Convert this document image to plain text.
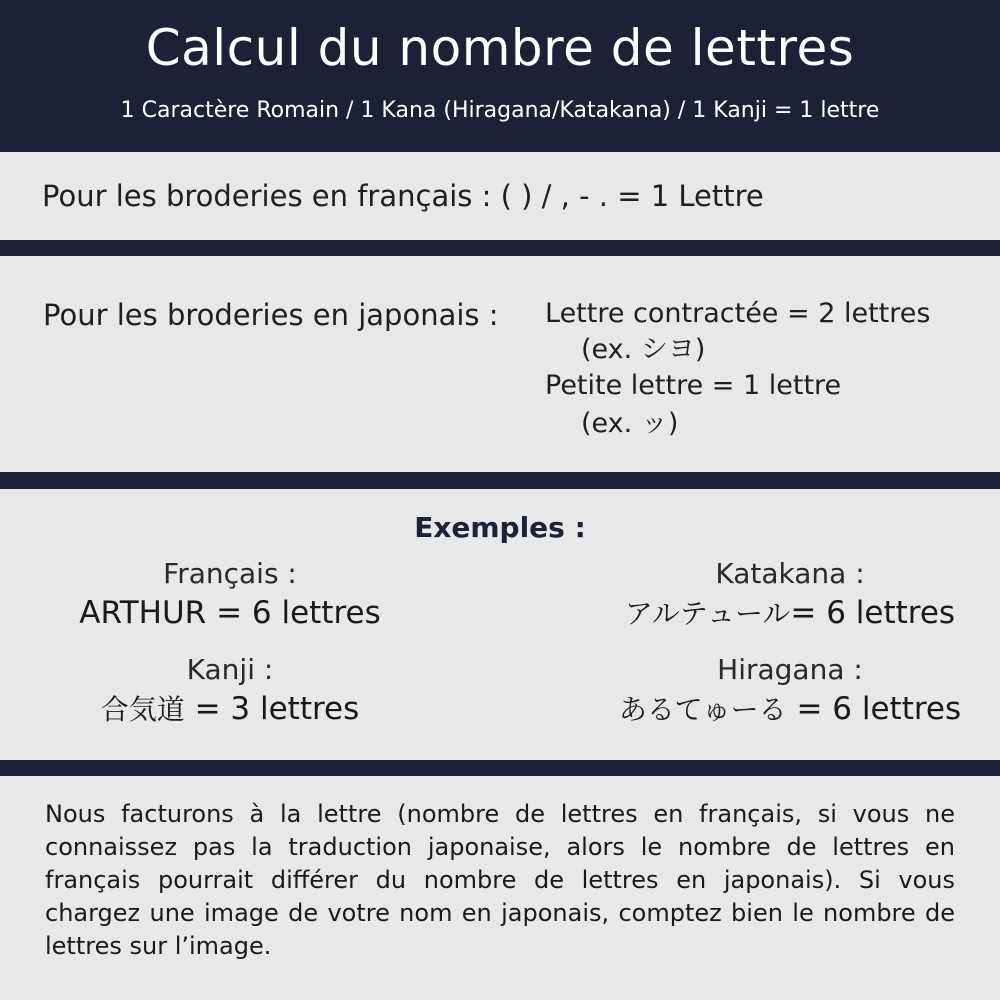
Calcul du nombre de lettres
1 Caractère Romain / 1 Kana (Hiragana/Katakana) / 1 Kanji = 1 lettre
Pour les broderies en français : ( ) / , - . = 1 Lettre
Pour les broderies en japonais : Lettre contractée = 2 lettres
(ex. シヨ)
Petite lettre = 1 lettre
(ex. ッ)
Exemples :
Français :
ARTHUR = 6 lettres
Katakana :
アルテュール= 6 lettres
Kanji :
合気道 = 3 lettres
Hiragana :
あるてゅーる = 6 lettres
Nous facturons à la lettre (nombre de lettres en français, si vous ne connaissez pas la traduction japonaise, alors le nombre de lettres en français pourrait différer du nombre de lettres en japonais). Si vous chargez une image de votre nom en japonais, comptez bien le nombre de lettres sur l’image.
